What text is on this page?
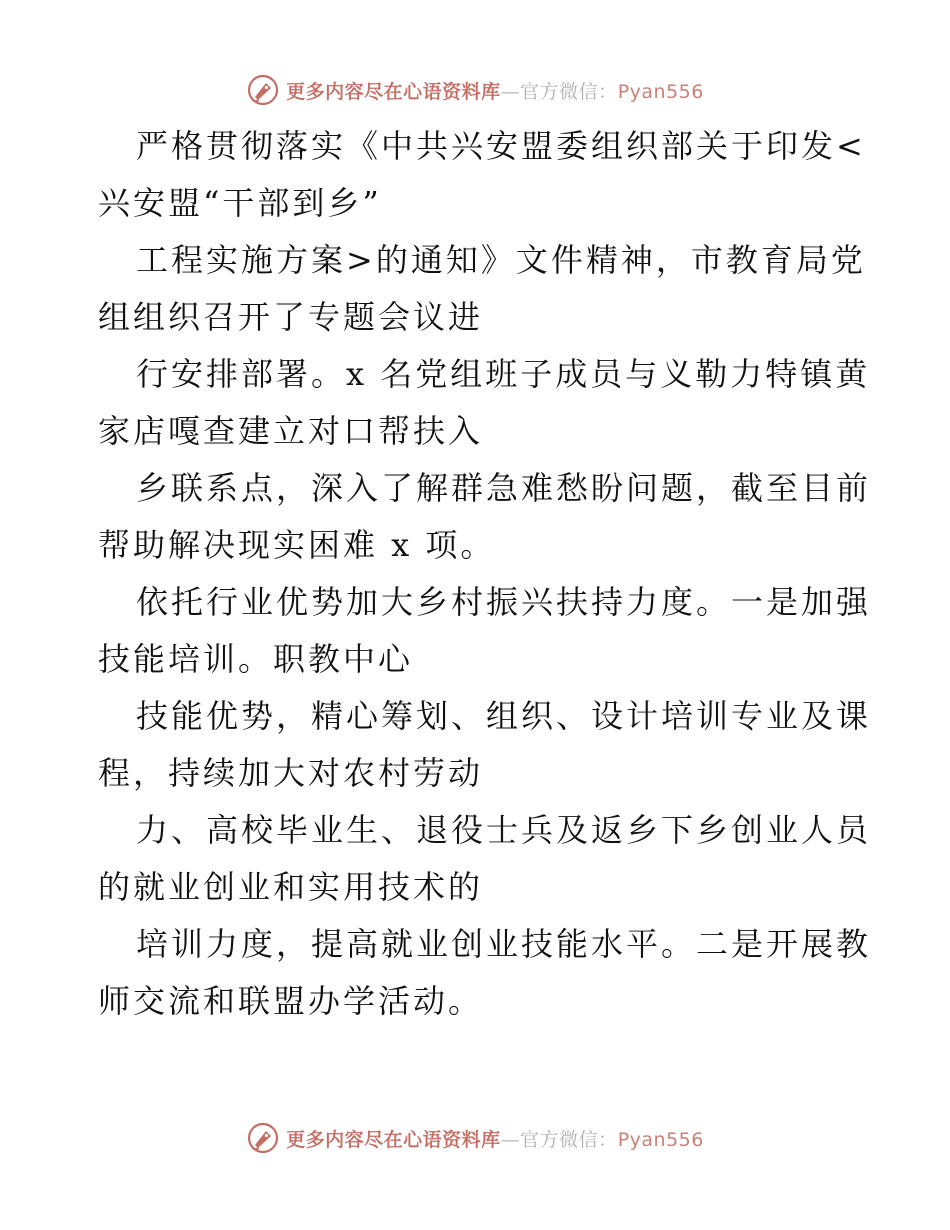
更多内容尽在心语资料库—官方微信：Pyan556
严格贯彻落实《中共兴安盟委组织部关于印发<
兴安盟“干部到乡”
工程实施方案>的通知》文件精神，市教育局党
组组织召开了专题会议进
行安排部署。x 名党组班子成员与义勒力特镇黄
家店嘎查建立对口帮扶入
乡联系点，深入了解群急难愁盼问题，截至目前
帮助解决现实困难 x 项。
依托行业优势加大乡村振兴扶持力度。一是加强
技能培训。职教中心
技能优势，精心筹划、组织、设计培训专业及课
程，持续加大对农村劳动
力、高校毕业生、退役士兵及返乡下乡创业人员
的就业创业和实用技术的
培训力度，提高就业创业技能水平。二是开展教
师交流和联盟办学活动。
更多内容尽在心语资料库—官方微信：Pyan556
